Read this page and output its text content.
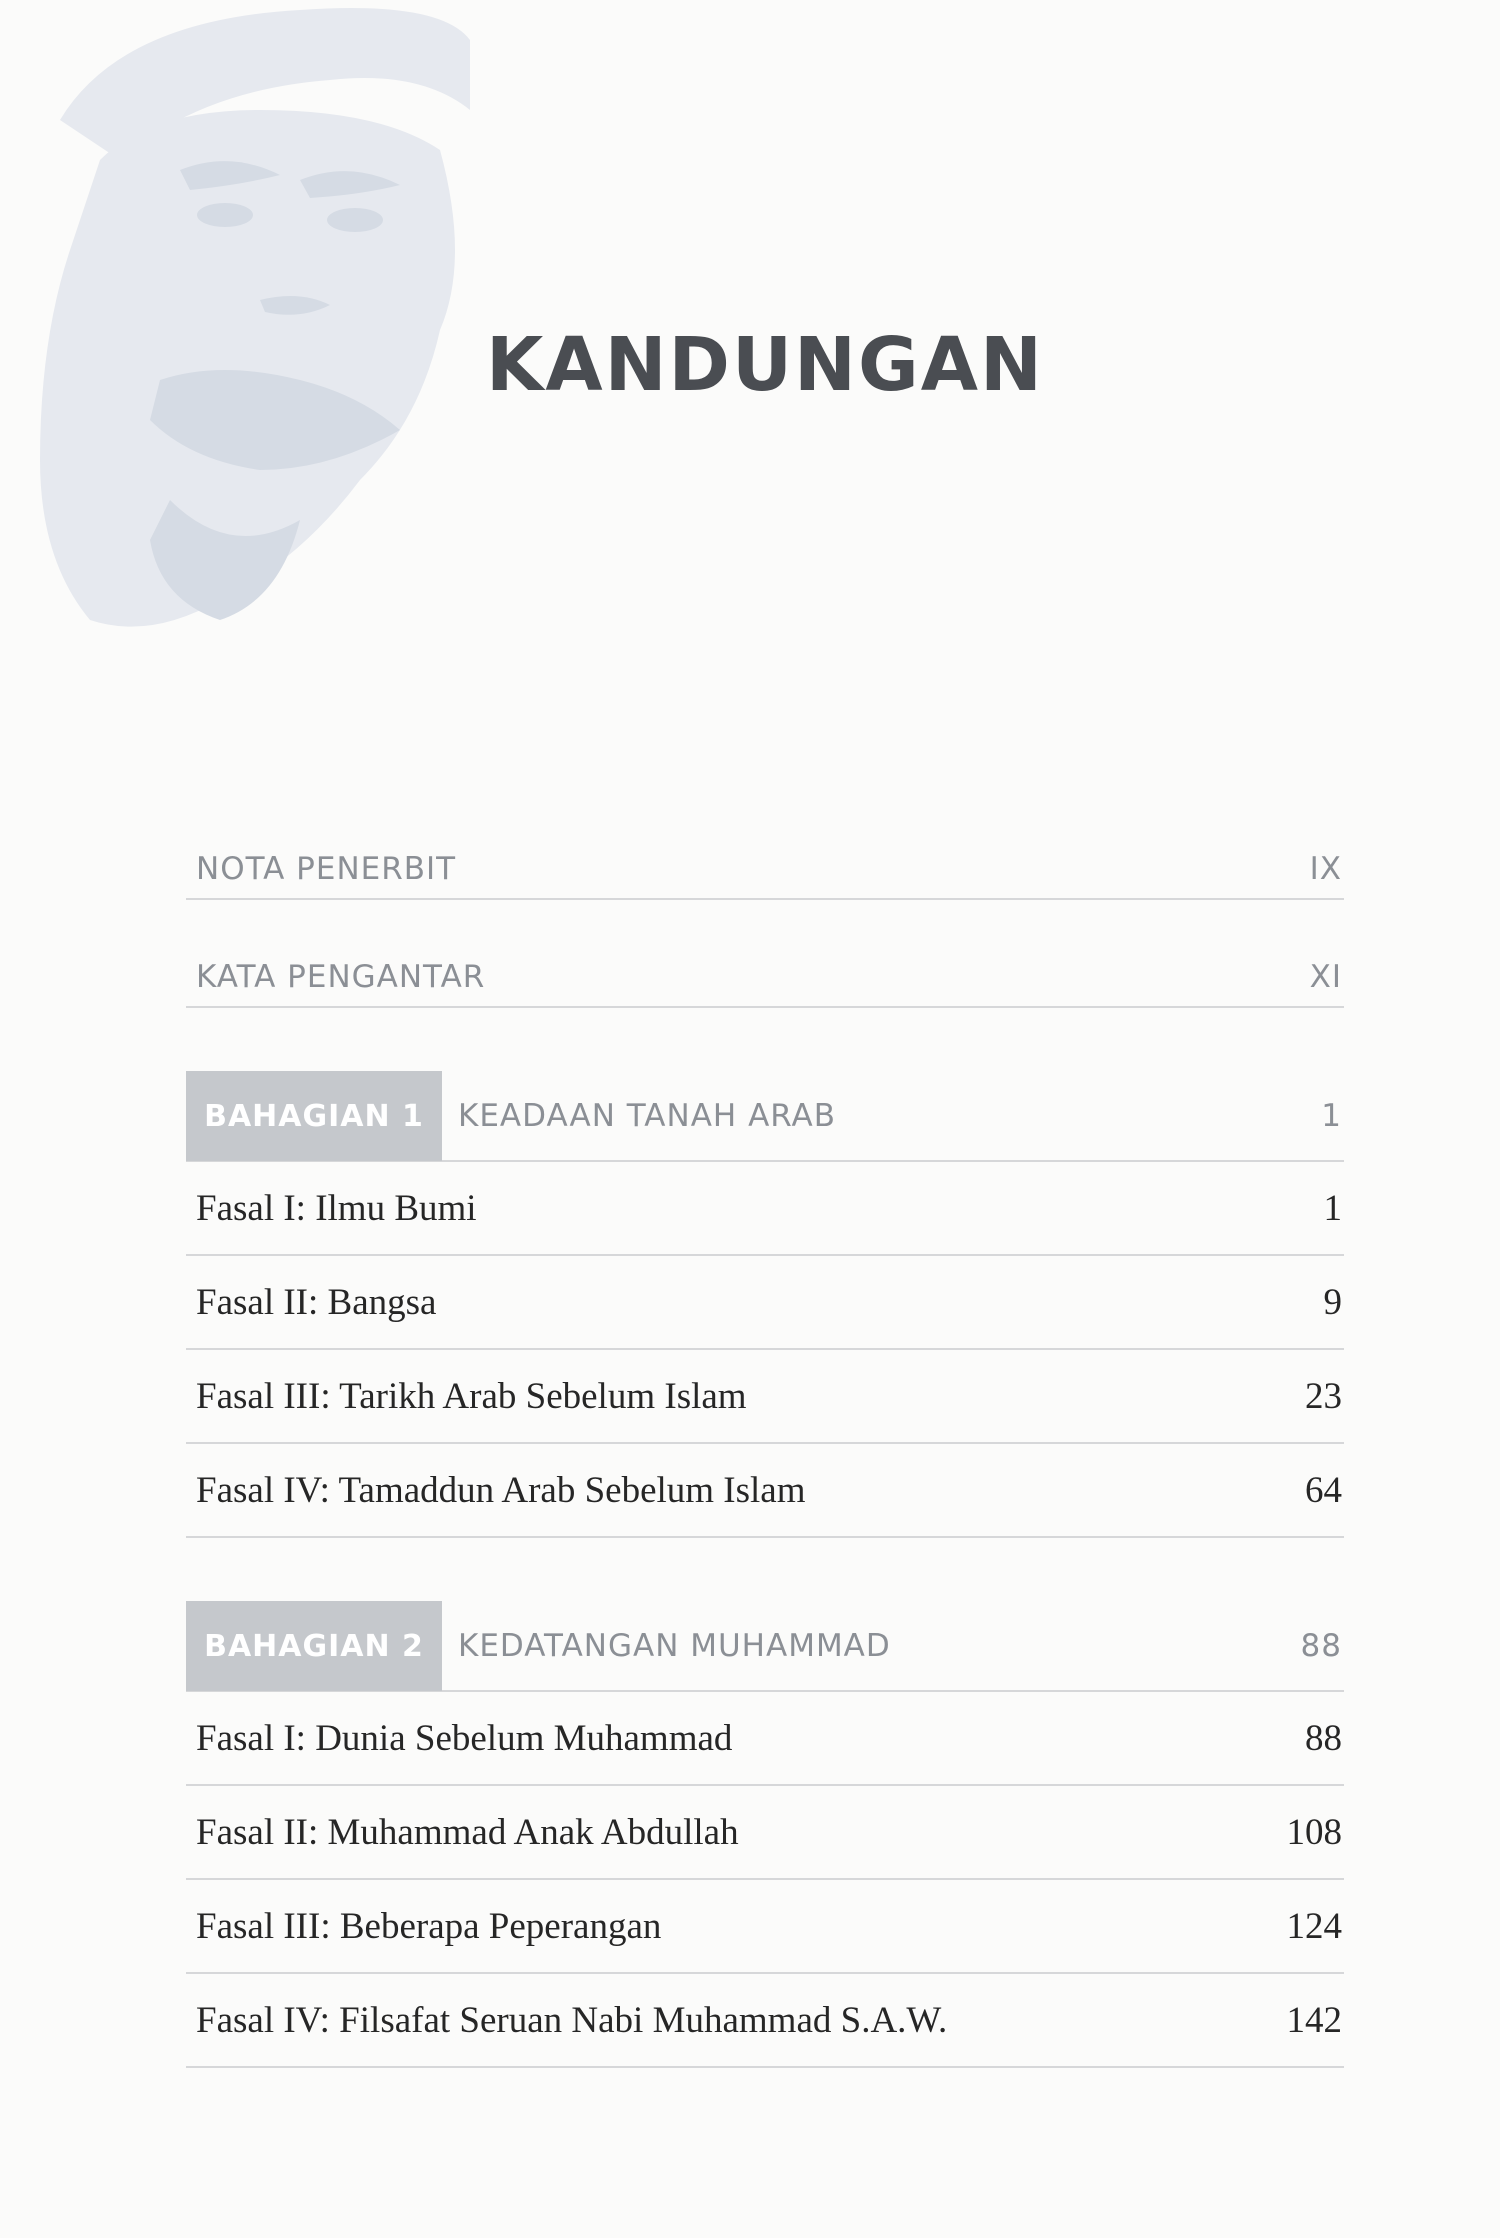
KANDUNGAN
NOTA PENERBIT	IX
KATA PENGANTAR	XI
BAHAGIAN 1	KEADAAN TANAH ARAB	1
Fasal I: Ilmu Bumi	1
Fasal II: Bangsa	9
Fasal III: Tarikh Arab Sebelum Islam	23
Fasal IV: Tamaddun Arab Sebelum Islam	64
BAHAGIAN 2	KEDATANGAN MUHAMMAD	88
Fasal I: Dunia Sebelum Muhammad	88
Fasal II: Muhammad Anak Abdullah	108
Fasal III: Beberapa Peperangan	124
Fasal IV: Filsafat Seruan Nabi Muhammad S.A.W.	142
